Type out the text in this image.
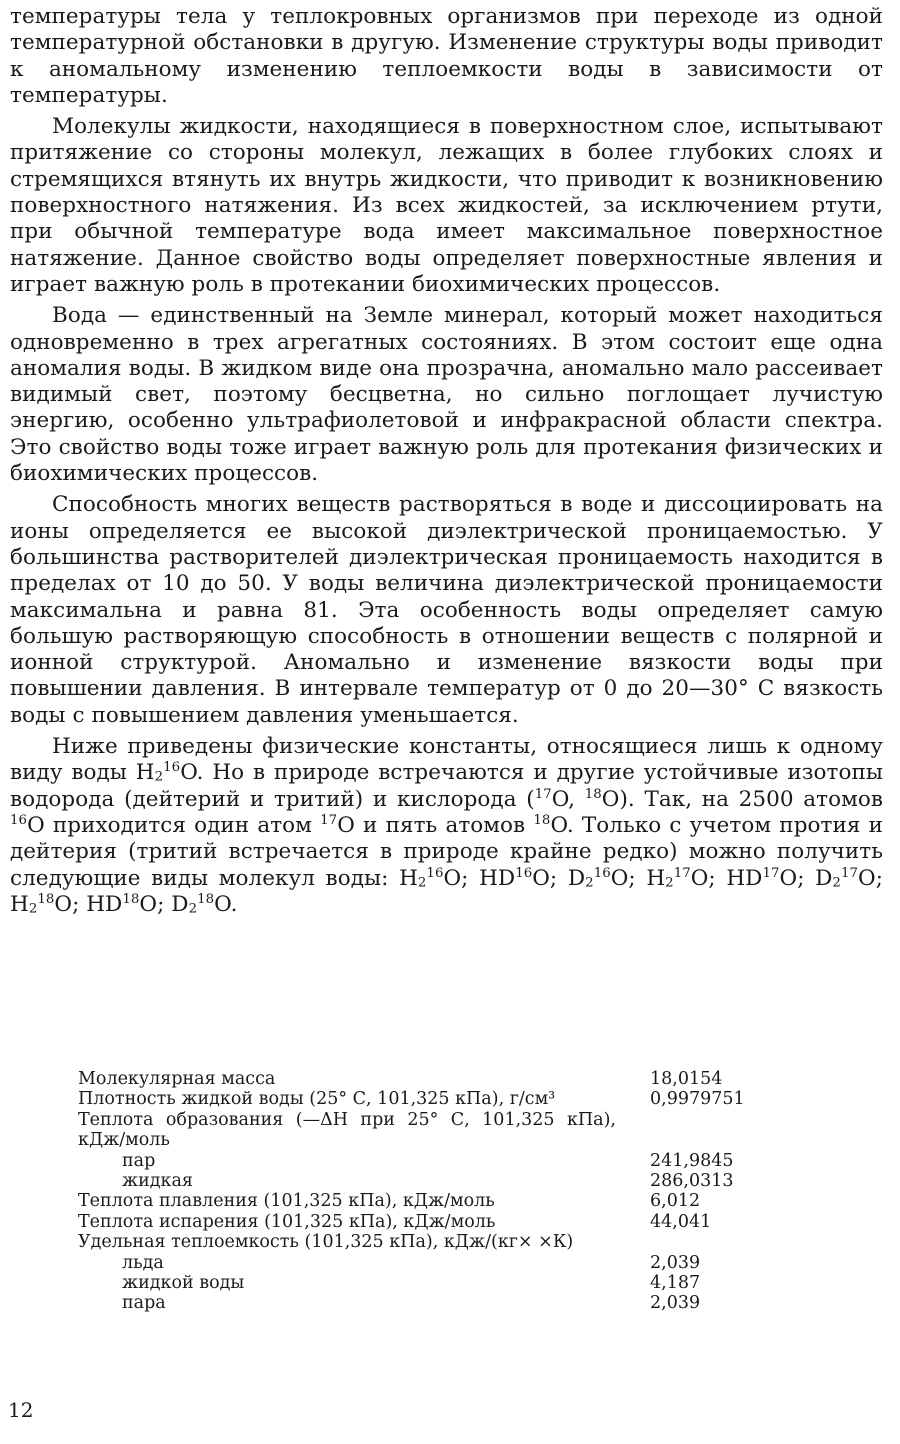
температуры тела у теплокровных организмов при переходе из одной температурной обстановки в другую. Изменение структуры воды приводит к аномальному изменению теплоемкости воды в зависимости от температуры.

Молекулы жидкости, находящиеся в поверхностном слое, испытывают притяжение со стороны молекул, лежащих в более глубоких слоях и стремящихся втянуть их внутрь жидкости, что приводит к возникновению поверхностного натяжения. Из всех жидкостей, за исключением ртути, при обычной температуре вода имеет максимальное поверхностное натяжение. Данное свойство воды определяет поверхностные явления и играет важную роль в протекании биохимических процессов.

Вода — единственный на Земле минерал, который может находиться одновременно в трех агрегатных состояниях. В этом состоит еще одна аномалия воды. В жидком виде она прозрачна, аномально мало рассеивает видимый свет, поэтому бесцветна, но сильно поглощает лучистую энергию, особенно ультрафиолетовой и инфракрасной области спектра. Это свойство воды тоже играет важную роль для протекания физических и биохимических процессов.

Способность многих веществ растворяться в воде и диссоциировать на ионы определяется ее высокой диэлектрической проницаемостью. У большинства растворителей диэлектрическая проницаемость находится в пределах от 10 до 50. У воды величина диэлектрической проницаемости максимальна и равна 81. Эта особенность воды определяет самую большую растворяющую способность в отношении веществ с полярной и ионной структурой. Аномально и изменение вязкости воды при повышении давления. В интервале температур от 0 до 20—30° С вязкость воды с повышением давления уменьшается.

Ниже приведены физические константы, относящиеся лишь к одному виду воды $H_2^{16}O$. Но в природе встречаются и другие устойчивые изотопы водорода (дейтерий и тритий) и кислорода ($^{17}$O, $^{18}$O). Так, на 2500 атомов $^{16}$O приходится один атом $^{17}$O и пять атомов $^{18}$O. Только с учетом протия и дейтерия (тритий встречается в природе крайне редко) можно получить следующие виды молекул воды: $H_2^{16}O$; HD$^{16}$O; $D_2^{16}O$; $H_2^{17}O$; HD$^{17}$O; $D_2^{17}O$; $H_2^{18}O$; HD$^{18}$O; $D_2^{18}O$.

Молекулярная масса	18,0154
Плотность жидкой воды (25° С, 101,325 кПа), г/см³	0,9979751
Теплота образования (—ΔH при 25° С, 101,325 кПа), кДж/моль
пар	241,9845
жидкая	286,0313
Теплота плавления (101,325 кПа), кДж/моль	6,012
Теплота испарения (101,325 кПа), кДж/моль	44,041
Удельная теплоемкость (101,325 кПа), кДж/(кг× ×К)
льда	2,039
жидкой воды	4,187
пара	2,039
12
